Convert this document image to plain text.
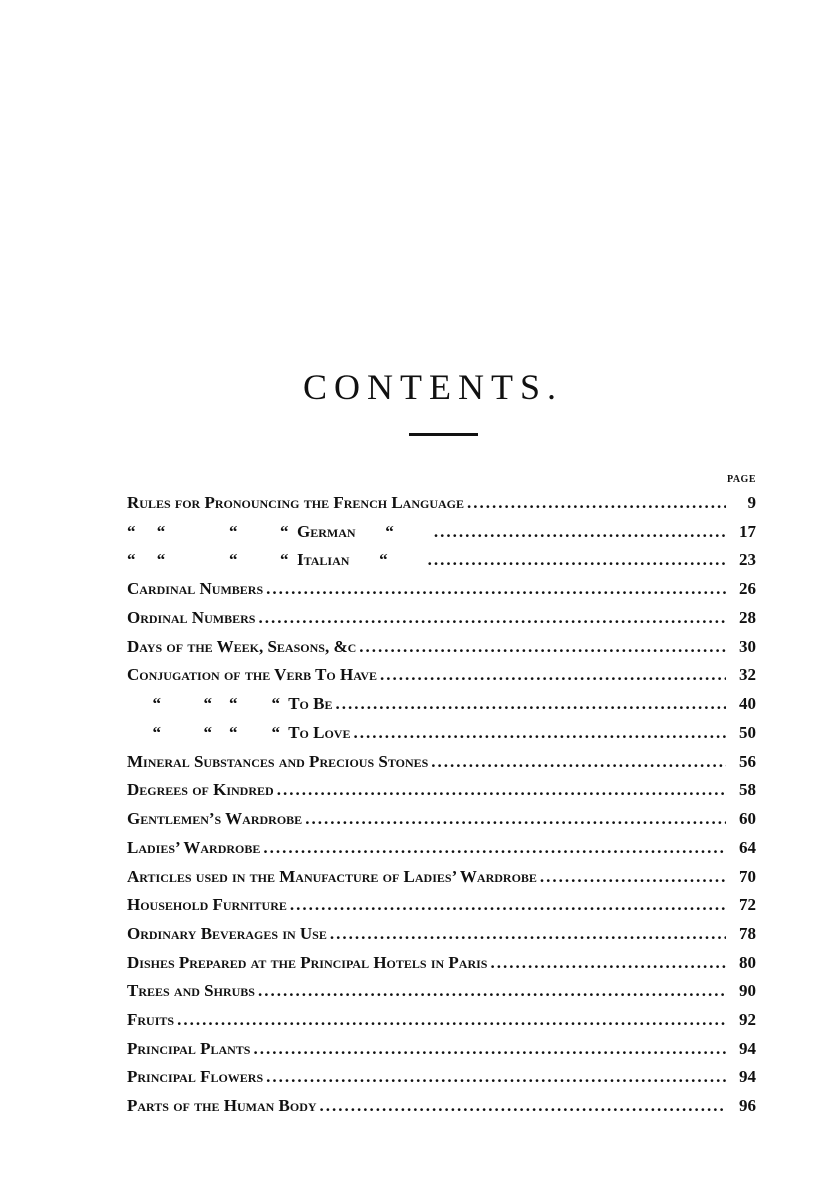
CONTENTS.
PAGE
Rules for Pronouncing the French Language .....	9
“     “               “          “  German       “ .....	17
“     “               “          “  Italian       “ .....	23
Cardinal Numbers .....	26
Ordinal Numbers .....	28
Days of the Week, Seasons, &c .....	30
Conjugation of the Verb To Have .....	32
“          “    “        “  To Be .....	40
“          “    “        “  To Love .....	50
Mineral Substances and Precious Stones .....	56
Degrees of Kindred .....	58
Gentlemen’s Wardrobe .....	60
Ladies’ Wardrobe .....	64
Articles used in the Manufacture of Ladies’ Wardrobe .....	70
Household Furniture .....	72
Ordinary Beverages in Use .....	78
Dishes Prepared at the Principal Hotels in Paris .....	80
Trees and Shrubs .....	90
Fruits .....	92
Principal Plants .....	94
Principal Flowers .....	94
Parts of the Human Body .....	96
